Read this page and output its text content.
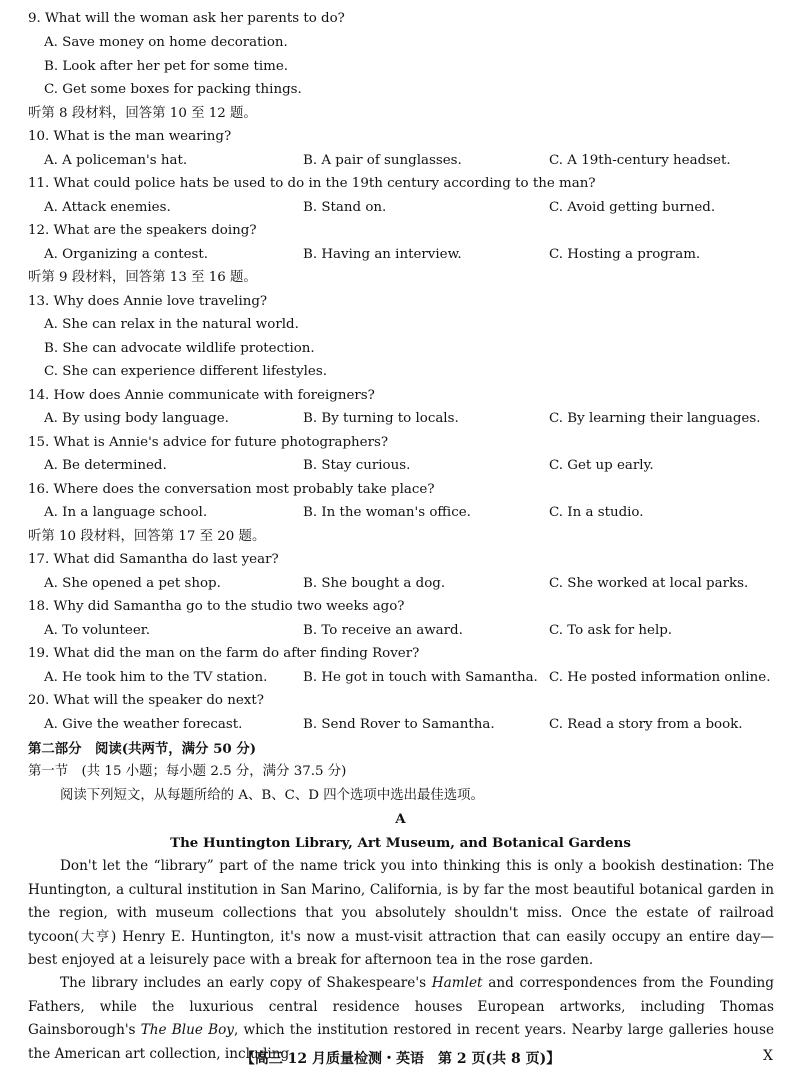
9. What will the woman ask her parents to do?
A. Save money on home decoration.
B. Look after her pet for some time.
C. Get some boxes for packing things.
听第 8 段材料，回答第 10 至 12 题。
10. What is the man wearing?
A. A policeman's hat.	B. A pair of sunglasses.	C. A 19th-century headset.
11. What could police hats be used to do in the 19th century according to the man?
A. Attack enemies.	B. Stand on.	C. Avoid getting burned.
12. What are the speakers doing?
A. Organizing a contest.	B. Having an interview.	C. Hosting a program.
听第 9 段材料，回答第 13 至 16 题。
13. Why does Annie love traveling?
A. She can relax in the natural world.
B. She can advocate wildlife protection.
C. She can experience different lifestyles.
14. How does Annie communicate with foreigners?
A. By using body language.	B. By turning to locals.	C. By learning their languages.
15. What is Annie's advice for future photographers?
A. Be determined.	B. Stay curious.	C. Get up early.
16. Where does the conversation most probably take place?
A. In a language school.	B. In the woman's office.	C. In a studio.
听第 10 段材料，回答第 17 至 20 题。
17. What did Samantha do last year?
A. She opened a pet shop.	B. She bought a dog.	C. She worked at local parks.
18. Why did Samantha go to the studio two weeks ago?
A. To volunteer.	B. To receive an award.	C. To ask for help.
19. What did the man on the farm do after finding Rover?
A. He took him to the TV station.	B. He got in touch with Samantha. C. He posted information online.
20. What will the speaker do next?
A. Give the weather forecast.	B. Send Rover to Samantha.	C. Read a story from a book.
第二部分　阅读(共两节，满分 50 分)
第一节　(共 15 小题；每小题 2.5 分，满分 37.5 分)
阅读下列短文，从每题所给的 A、B、C、D 四个选项中选出最佳选项。
A
The Huntington Library, Art Museum, and Botanical Gardens
Don't let the “library” part of the name trick you into thinking this is only a bookish destination: The Huntington, a cultural institution in San Marino, California, is by far the most beautiful botanical garden in the region, with museum collections that you absolutely shouldn't miss. Once the estate of railroad tycoon(大亨) Henry E. Huntington, it's now a must-visit attraction that can easily occupy an entire day—best enjoyed at a leisurely pace with a break for afternoon tea in the rose garden.
The library includes an early copy of Shakespeare's Hamlet and correspondences from the Founding Fathers, while the luxurious central residence houses European artworks, including Thomas Gainsborough's The Blue Boy, which the institution restored in recent years. Nearby large galleries house the American art collection, including
【高三 12 月质量检测・英语　第 2 页(共 8 页)】	X
